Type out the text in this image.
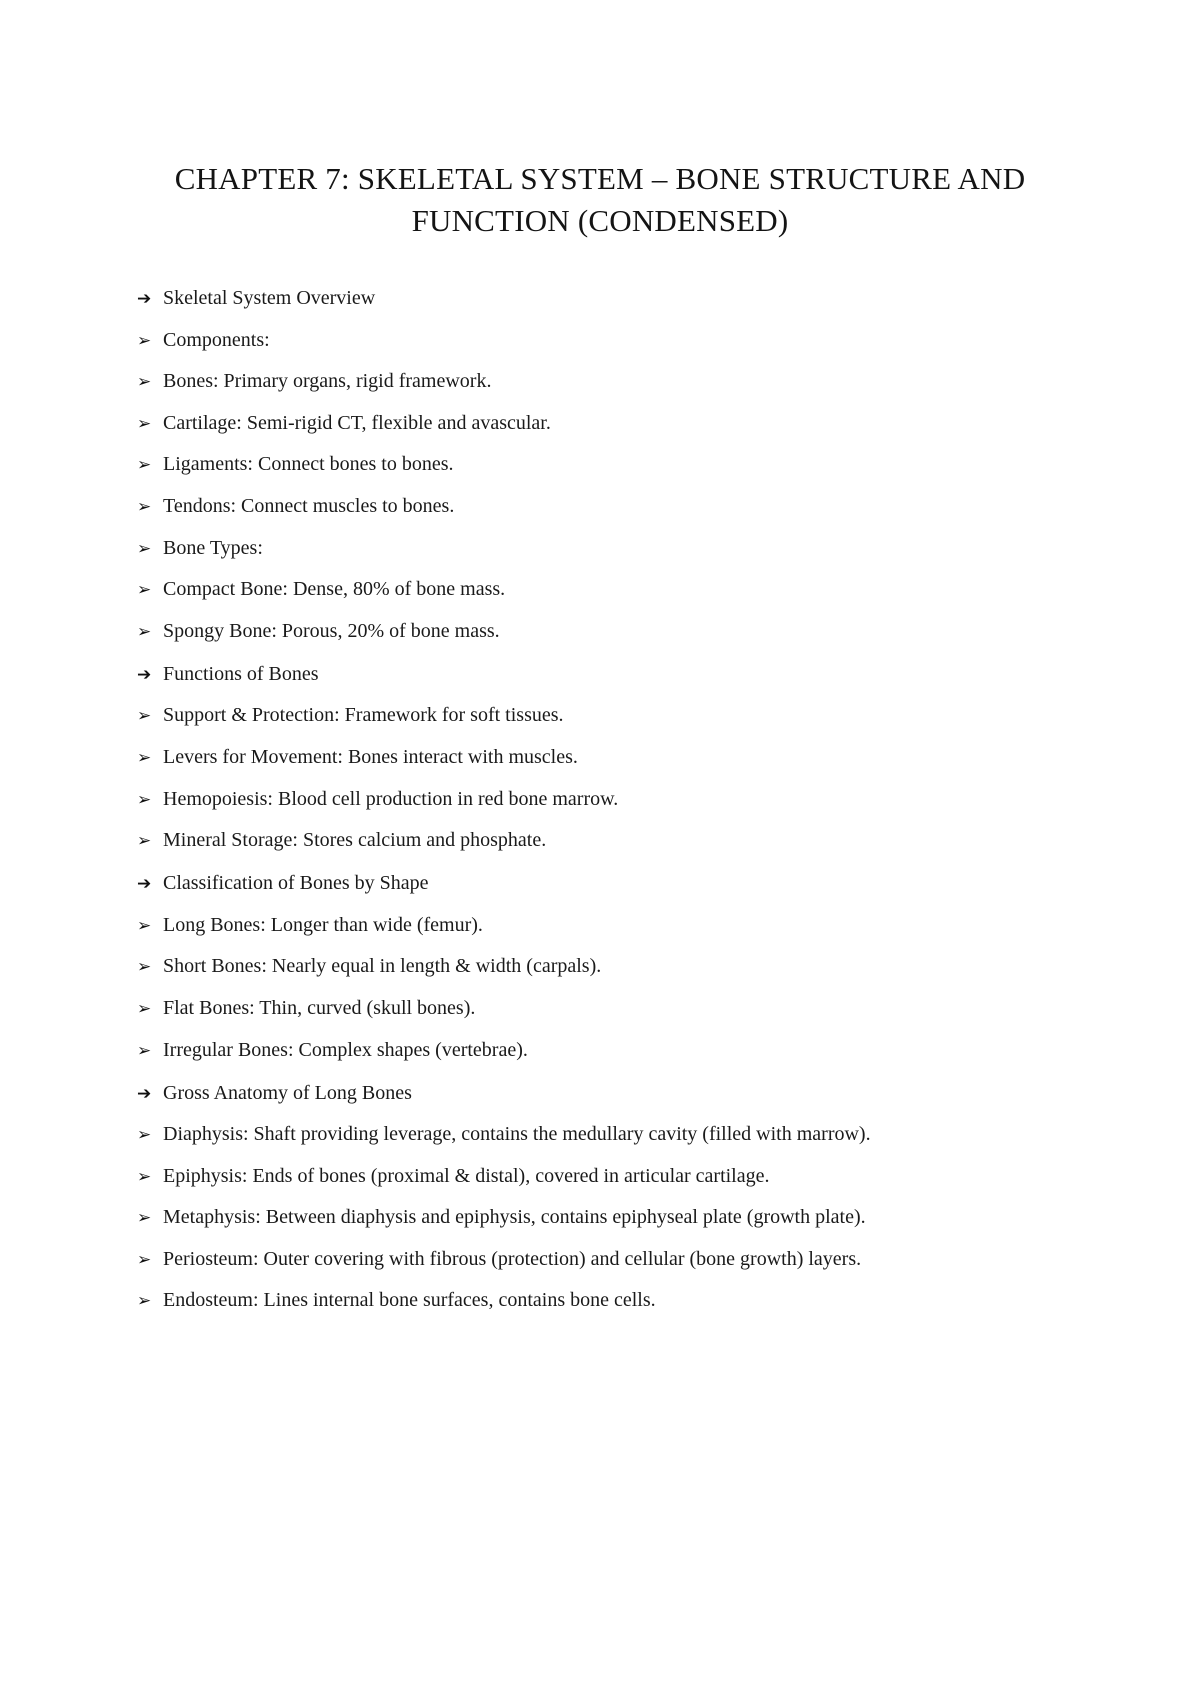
CHAPTER 7: SKELETAL SYSTEM – BONE STRUCTURE AND
FUNCTION (CONDENSED)
➔ Skeletal System Overview
➢ Components:
➢ Bones: Primary organs, rigid framework.
➢ Cartilage: Semi-rigid CT, flexible and avascular.
➢ Ligaments: Connect bones to bones.
➢ Tendons: Connect muscles to bones.
➢ Bone Types:
➢ Compact Bone: Dense, 80% of bone mass.
➢ Spongy Bone: Porous, 20% of bone mass.
➔ Functions of Bones
➢ Support & Protection: Framework for soft tissues.
➢ Levers for Movement: Bones interact with muscles.
➢ Hemopoiesis: Blood cell production in red bone marrow.
➢ Mineral Storage: Stores calcium and phosphate.
➔ Classification of Bones by Shape
➢ Long Bones: Longer than wide (femur).
➢ Short Bones: Nearly equal in length & width (carpals).
➢ Flat Bones: Thin, curved (skull bones).
➢ Irregular Bones: Complex shapes (vertebrae).
➔ Gross Anatomy of Long Bones
➢ Diaphysis: Shaft providing leverage, contains the medullary cavity (filled with marrow).
➢ Epiphysis: Ends of bones (proximal & distal), covered in articular cartilage.
➢ Metaphysis: Between diaphysis and epiphysis, contains epiphyseal plate (growth plate).
➢ Periosteum: Outer covering with fibrous (protection) and cellular (bone growth) layers.
➢ Endosteum: Lines internal bone surfaces, contains bone cells.
